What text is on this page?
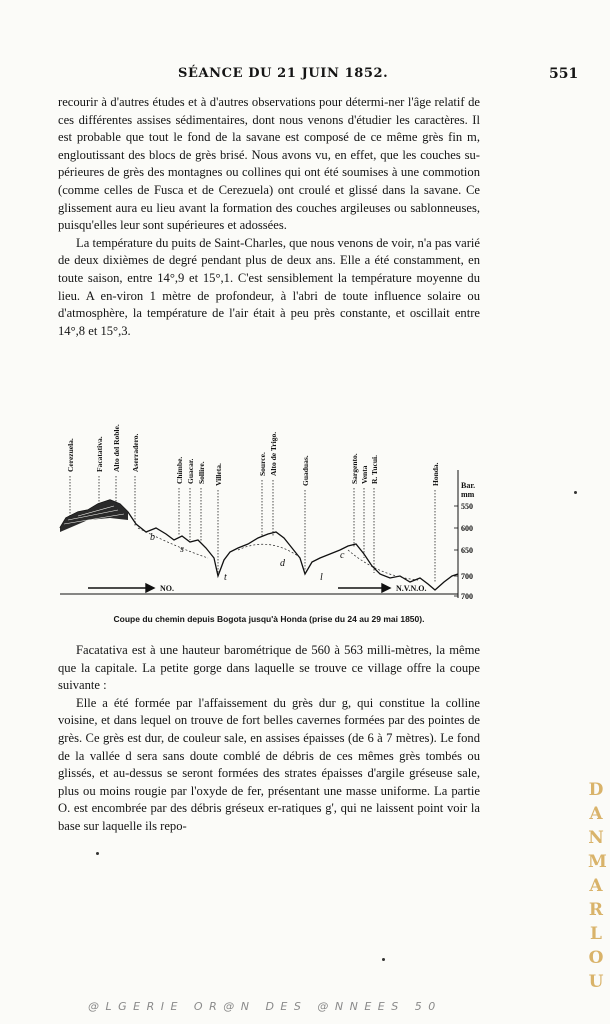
SÉANCE DU 21 JUIN 1852.	551

recourir à d'autres études et à d'autres observations pour détermi-ner l'âge relatif de ces différentes assises sédimentaires, dont nous venons d'étudier les caractères. Il est probable que tout le fond de la savane est composé de ce même grès fin m, engloutissant des blocs de grès brisé. Nous avons vu, en effet, que les couches su-périeures de grès des montagnes ou collines qui ont été soumises à une commotion (comme celles de Fusca et de Cerezuela) ont croulé et glissé dans la savane. Ce glissement aura eu lieu avant la formation des couches argileuses ou sablonneuses, puisqu'elles leur sont supérieures et adossées.

La température du puits de Saint-Charles, que nous venons de voir, n'a pas varié de deux dixièmes de degré pendant plus de deux ans. Elle a été constamment, en toute saison, entre 14°,9 et 15°,1. C'est sensiblement la température moyenne du lieu. A en-viron 1 mètre de profondeur, à l'abri de toute influence solaire ou d'atmosphère, la température de l'air était à peu près constante, et oscillait entre 14°,8 et 15°,3.

Cerezuela.	Facatativa. Alto del Roble. Aserradero.	Chimbe. Guacar. Sollire. Villeta.	Source. Alto de Trigo.	Guaduas.	Sargento. Venta R. Tucui.	Honda.
b
s
t
d
l
c
Bar.
mm
550
600
650
700
700
NO.	N.V.N.O.
Coupe du chemin depuis Bogota jusqu'à Honda (prise du 24 au 29 mai 1850).

Facatativa est à une hauteur barométrique de 560 à 563 milli-mètres, la même que la capitale. La petite gorge dans laquelle se trouve ce village offre la coupe suivante :

Elle a été formée par l'affaissement du grès dur g, qui constitue la colline voisine, et dans lequel on trouve de fort belles cavernes formées par des pointes de grès. Ce grès est dur, de couleur sale, en assises épaisses (de 6 à 7 mètres). Le fond de la vallée d sera sans doute comblé de débris de ces mêmes grès tombés ou glissés, et au-dessus se seront formées des strates épaisses d'argile gréseuse sale, plus ou moins rougie par l'oxyde de fer, présentant une masse uniforme. La partie O. est encombrée par des débris gréseux er-ratiques g', qui ne laissent point voir la base sur laquelle ils repo-

DANMARLOU
@LGERIE OR@N DES @NNEES 50
